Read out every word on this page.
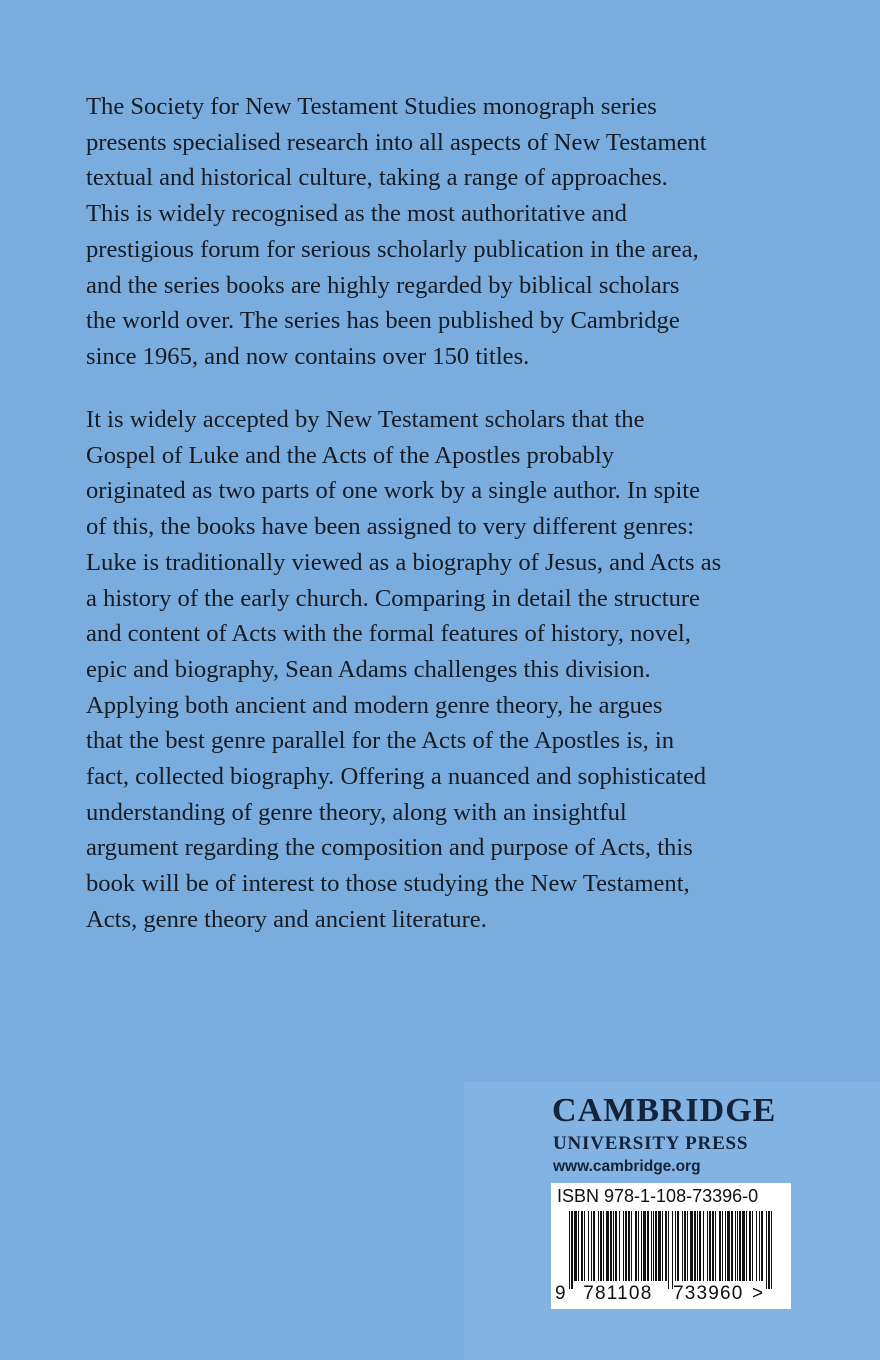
The Society for New Testament Studies monograph series

presents specialised research into all aspects of New Testament

textual and historical culture, taking a range of approaches.

This is widely recognised as the most authoritative and

prestigious forum for serious scholarly publication in the area,

and the series books are highly regarded by biblical scholars

the world over. The series has been published by Cambridge

since 1965, and now contains over 150 titles.

It is widely accepted by New Testament scholars that the

Gospel of Luke and the Acts of the Apostles probably

originated as two parts of one work by a single author. In spite

of this, the books have been assigned to very different genres:

Luke is traditionally viewed as a biography of Jesus, and Acts as

a history of the early church. Comparing in detail the structure

and content of Acts with the formal features of history, novel,

epic and biography, Sean Adams challenges this division.

Applying both ancient and modern genre theory, he argues

that the best genre parallel for the Acts of the Apostles is, in

fact, collected biography. Offering a nuanced and sophisticated

understanding of genre theory, along with an insightful

argument regarding the composition and purpose of Acts, this

book will be of interest to those studying the New Testament,

Acts, genre theory and ancient literature.

CAMBRIDGE
UNIVERSITY PRESS
www.cambridge.org
ISBN 978-1-108-73396-0
9 781108 733960 >
